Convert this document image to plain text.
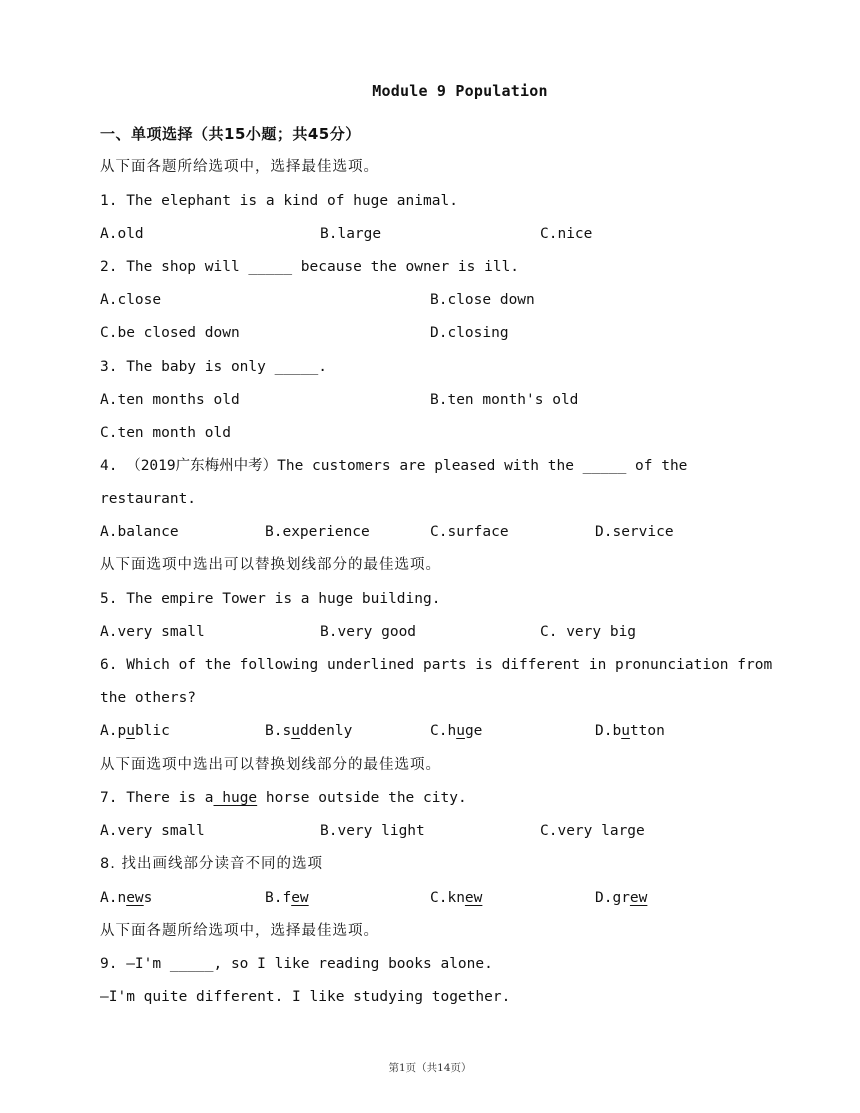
Module 9 Population
一、单项选择（共15小题；共45分）
从下面各题所给选项中，选择最佳选项。
1. The elephant is a kind of huge animal.
A.old	B.large	C.nice
2. The shop will _____ because the owner is ill.
A.close	B.close down
C.be closed down	D.closing
3. The baby is only _____.
A.ten months old	B.ten month's old
C.ten month old
4. （2019广东梅州中考）The customers are pleased with the _____ of the
restaurant.
A.balance	B.experience	C.surface	D.service
从下面选项中选出可以替换划线部分的最佳选项。
5. The empire Tower is a huge building.
A.very small	B.very good	C. very big
6. Which of the following underlined parts is different in pronunciation from
the others?
A.public	B.suddenly	C.huge	D.button
从下面选项中选出可以替换划线部分的最佳选项。
7. There is a huge horse outside the city.
A.very small	B.very light	C.very large
8. 找出画线部分读音不同的选项
A.news	B.few	C.knew	D.grew
从下面各题所给选项中，选择最佳选项。
9. —I'm _____, so I like reading books alone.
—I'm quite different. I like studying together.
第1页（共14页）
